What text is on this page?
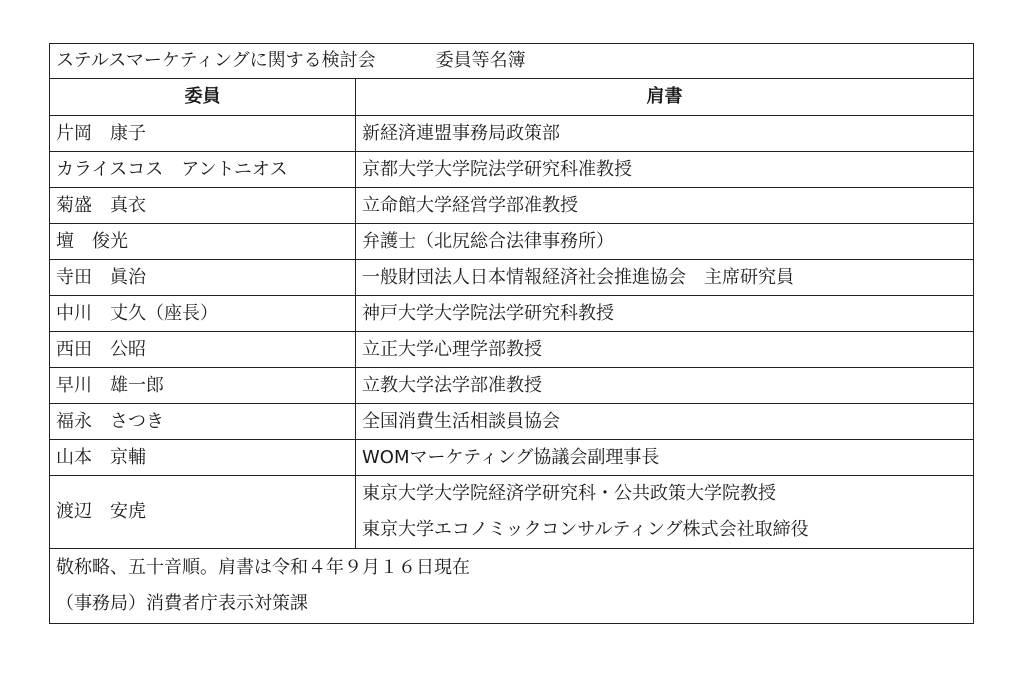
ステルスマーケティングに関する検討会 委員等名簿	
委員	肩書
片岡　康子	新経済連盟事務局政策部
カライスコス　アントニオス	京都大学大学院法学研究科准教授
菊盛　真衣	立命館大学経営学部准教授
壇　俊光	弁護士（北尻総合法律事務所）
寺田　眞治	一般財団法人日本情報経済社会推進協会　主席研究員
中川　丈久（座長）	神戸大学大学院法学研究科教授
西田　公昭	立正大学心理学部教授
早川　雄一郎	立教大学法学部准教授
福永　さつき	全国消費生活相談員協会
山本　京輔	WOMマーケティング協議会副理事長
渡辺　安虎	東京大学大学院経済学研究科・公共政策大学院教授
東京大学エコノミックコンサルティング株式会社取締役

敬称略、五十音順。肩書は令和４年９月１６日現在
（事務局）消費者庁表示対策課	
